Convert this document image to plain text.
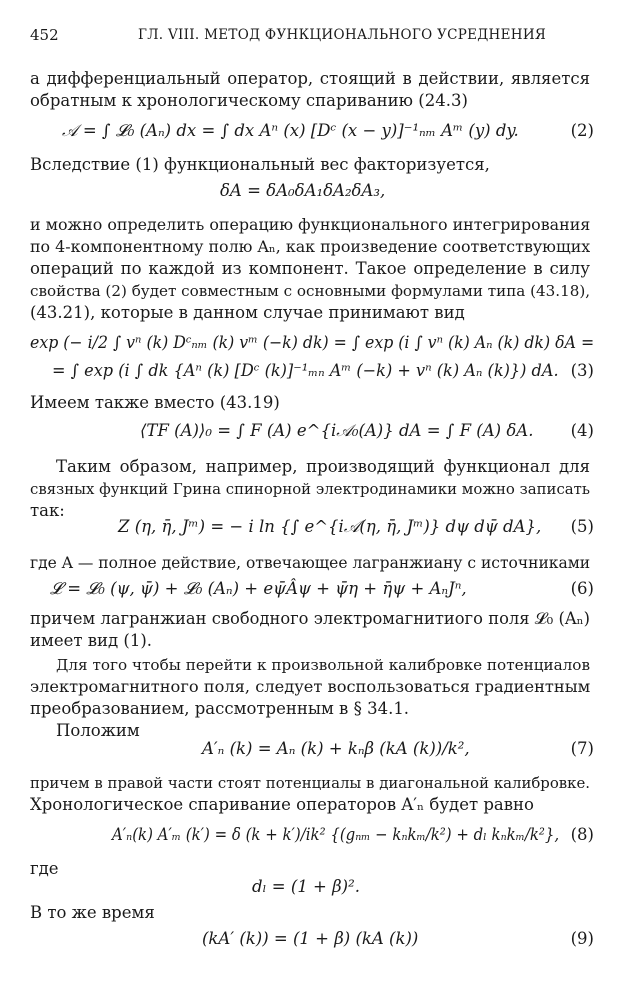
452	ГЛ. VIII. МЕТОД ФУНКЦИОНАЛЬНОГО УСРЕДНЕНИЯ
а дифференциальный оператор, стоящий в действии, является
обратным к хронологическому спариванию (24.3)
𝒜 = ∫ 𝓛₀ (Aₙ) dx = ∫ dx Aⁿ (x) [Dᶜ (x − y)]⁻¹ₙₘ Aᵐ (y) dy.	(2)
Вследствие (1) функциональный вес факторизуется,
δA = δA₀δA₁δA₂δA₃,
и можно определить операцию функционального интегрирования
по 4-компонентному полю Aₙ, как произведение соответствующих
операций по каждой из компонент. Такое определение в силу
свойства (2) будет совместным с основными формулами типа (43.18),
(43.21), которые в данном случае принимают вид
exp (− i/2 ∫ vⁿ (k) Dᶜₙₘ (k) vᵐ (−k) dk) = ∫ exp (i ∫ vⁿ (k) Aₙ (k) dk) δA =
= ∫ exp (i ∫ dk {Aⁿ (k) [Dᶜ (k)]⁻¹ₘₙ Aᵐ (−k) + vⁿ (k) Aₙ (k)}) dA. (3)
Имеем также вместо (43.19)
⟨TF (A)⟩₀ = ∫ F (A) e^{i𝒜₀(A)} dA = ∫ F (A) δA. (4)
Таким образом, например, производящий функционал для
связных функций Грина спинорной электродинамики можно записать
так:
Z (η, η̄, Jᵐ) = − i ln {∫ e^{i𝒜(η, η̄, Jᵐ)} dψ dψ̄ dA}, (5)
где A — полное действие, отвечающее лагранжиану с источниками
𝓛 = 𝓛₀ (ψ, ψ̄) + 𝓛₀ (Aₙ) + eψ̄Âψ + ψ̄η + η̄ψ + AₙJⁿ,	(6)
причем лагранжиан свободного электромагнитиого поля 𝓛₀ (Aₙ)
имеет вид (1).
Для того чтобы перейти к произвольной калибровке потенциалов
электромагнитного поля, следует воспользоваться градиентным
преобразованием, рассмотренным в § 34.1.
Положим
A′ₙ (k) = Aₙ (k) + kₙβ (kA (k))/k²,	(7)
причем в правой части стоят потенциалы в диагональной калибровке.
Хронологическое спаривание операторов A′ₙ будет равно
A′ₙ(k) A′ₘ (k′) = δ (k + k′)/ik² {(gₙₘ − kₙkₘ/k²) + dₗ kₙkₘ/k²}, (8)
где
dₗ = (1 + β)².
В то же время
(kA′ (k)) = (1 + β) (kA (k))	(9)
